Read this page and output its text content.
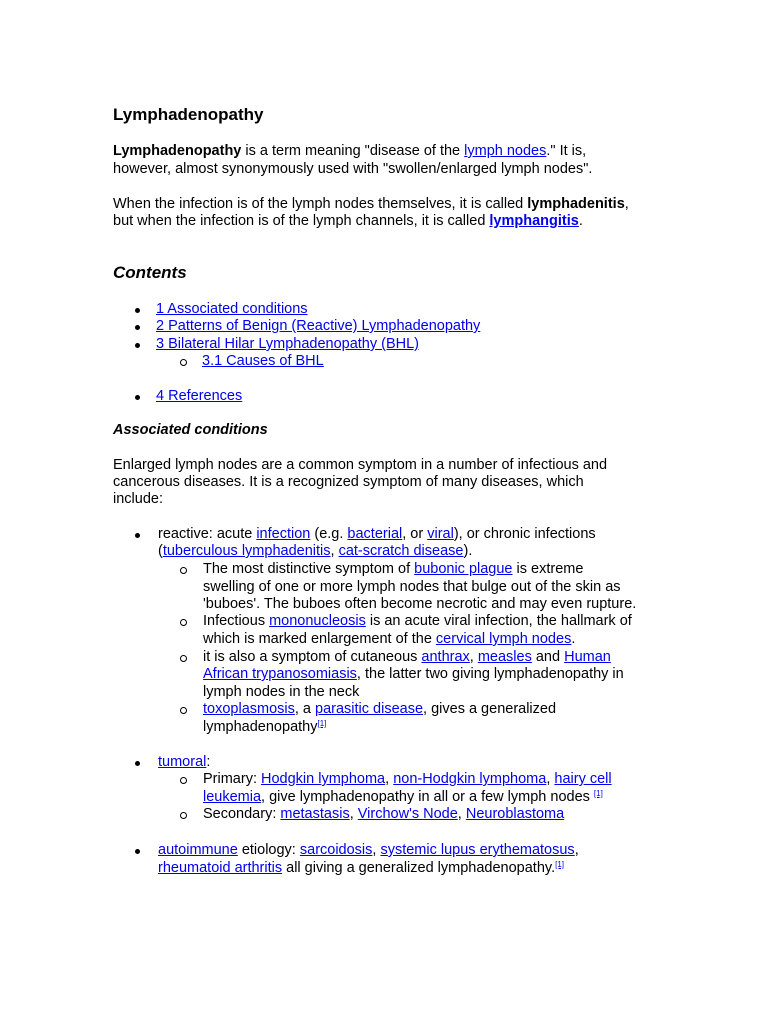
Lymphadenopathy
Lymphadenopathy is a term meaning "disease of the lymph nodes." It is,
however, almost synonymously used with "swollen/enlarged lymph nodes".
When the infection is of the lymph nodes themselves, it is called lymphadenitis,
but when the infection is of the lymph channels, it is called lymphangitis.
Contents
1 Associated conditions
2 Patterns of Benign (Reactive) Lymphadenopathy
3 Bilateral Hilar Lymphadenopathy (BHL)
3.1 Causes of BHL
4 References
Associated conditions
Enlarged lymph nodes are a common symptom in a number of infectious and
cancerous diseases. It is a recognized symptom of many diseases, which
include:
reactive: acute infection (e.g. bacterial, or viral), or chronic infections
(tuberculous lymphadenitis, cat-scratch disease).
The most distinctive symptom of bubonic plague is extreme
swelling of one or more lymph nodes that bulge out of the skin as
'buboes'. The buboes often become necrotic and may even rupture.
Infectious mononucleosis is an acute viral infection, the hallmark of
which is marked enlargement of the cervical lymph nodes.
it is also a symptom of cutaneous anthrax, measles and Human
African trypanosomiasis, the latter two giving lymphadenopathy in
lymph nodes in the neck
toxoplasmosis, a parasitic disease, gives a generalized
lymphadenopathy[1]
tumoral:
Primary: Hodgkin lymphoma, non-Hodgkin lymphoma, hairy cell
leukemia, give lymphadenopathy in all or a few lymph nodes [1]
Secondary: metastasis, Virchow's Node, Neuroblastoma
autoimmune etiology: sarcoidosis, systemic lupus erythematosus,
rheumatoid arthritis all giving a generalized lymphadenopathy.[1]
